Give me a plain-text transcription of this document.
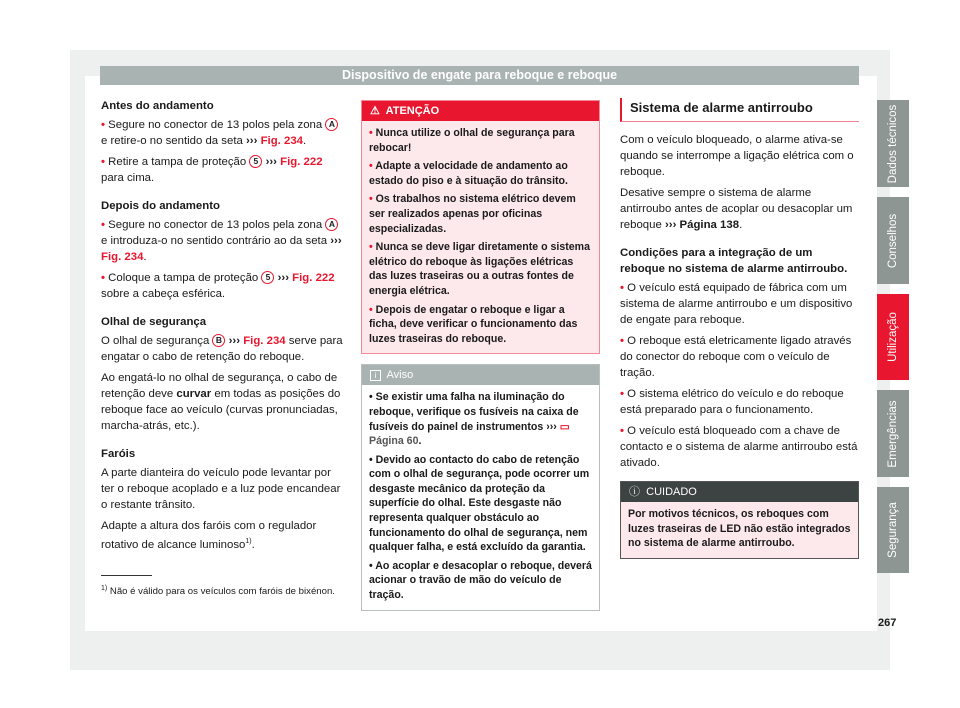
Dispositivo de engate para reboque e reboque
Antes do andamento

• Segure no conector de 13 polos pela zona A e retire-o no sentido da seta ››› Fig. 234.

• Retire a tampa de proteção 5 ››› Fig. 222 para cima.

Depois do andamento

• Segure no conector de 13 polos pela zona A e introduza-o no sentido contrário ao da seta ››› Fig. 234.

• Coloque a tampa de proteção 5 ››› Fig. 222 sobre a cabeça esférica.

Olhal de segurança

O olhal de segurança B ››› Fig. 234 serve para engatar o cabo de retenção do reboque.

Ao engatá-lo no olhal de segurança, o cabo de retenção deve curvar em todas as posições do reboque face ao veículo (curvas pronunciadas, marcha-atrás, etc.).

Faróis

A parte dianteira do veículo pode levantar por ter o reboque acoplado e a luz pode encandear o restante trânsito.

Adapte a altura dos faróis com o regulador rotativo de alcance luminoso$^{1)}$.

$^{1)}$ Não é válido para os veículos com faróis de bixénon.
⚠ ATENÇÃO

• Nunca utilize o olhal de segurança para rebocar!

• Adapte a velocidade de andamento ao estado do piso e à situação do trânsito.

• Os trabalhos no sistema elétrico devem ser realizados apenas por oficinas especializadas.

• Nunca se deve ligar diretamente o sistema elétrico do reboque às ligações elétricas das luzes traseiras ou a outras fontes de energia elétrica.

• Depois de engatar o reboque e ligar a ficha, deve verificar o funcionamento das luzes traseiras do reboque.

i Aviso

• Se existir uma falha na iluminação do reboque, verifique os fusíveis na caixa de fusíveis do painel de instrumentos ››› ▭ Página 60.

• Devido ao contacto do cabo de retenção com o olhal de segurança, pode ocorrer um desgaste mecânico da proteção da superfície do olhal. Este desgaste não representa qualquer obstáculo ao funcionamento do olhal de segurança, nem qualquer falha, e está excluído da garantia.

• Ao acoplar e desacoplar o reboque, deverá acionar o travão de mão do veículo de tração.

Sistema de alarme antirroubo

Com o veículo bloqueado, o alarme ativa-se quando se interrompe a ligação elétrica com o reboque.

Desative sempre o sistema de alarme antirroubo antes de acoplar ou desacoplar um reboque ››› Página 138.

Condições para a integração de um reboque no sistema de alarme antirroubo.

• O veículo está equipado de fábrica com um sistema de alarme antirroubo e um dispositivo de engate para reboque.

• O reboque está eletricamente ligado através do conector do reboque com o veículo de tração.

• O sistema elétrico do veículo e do reboque está preparado para o funcionamento.

• O veículo está bloqueado com a chave de contacto e o sistema de alarme antirroubo está ativado.

ⓘ CUIDADO

Por motivos técnicos, os reboques com luzes traseiras de LED não estão integrados no sistema de alarme antirroubo.

Dados técnicos
Conselhos
Utilização
Emergências
Segurança
267
